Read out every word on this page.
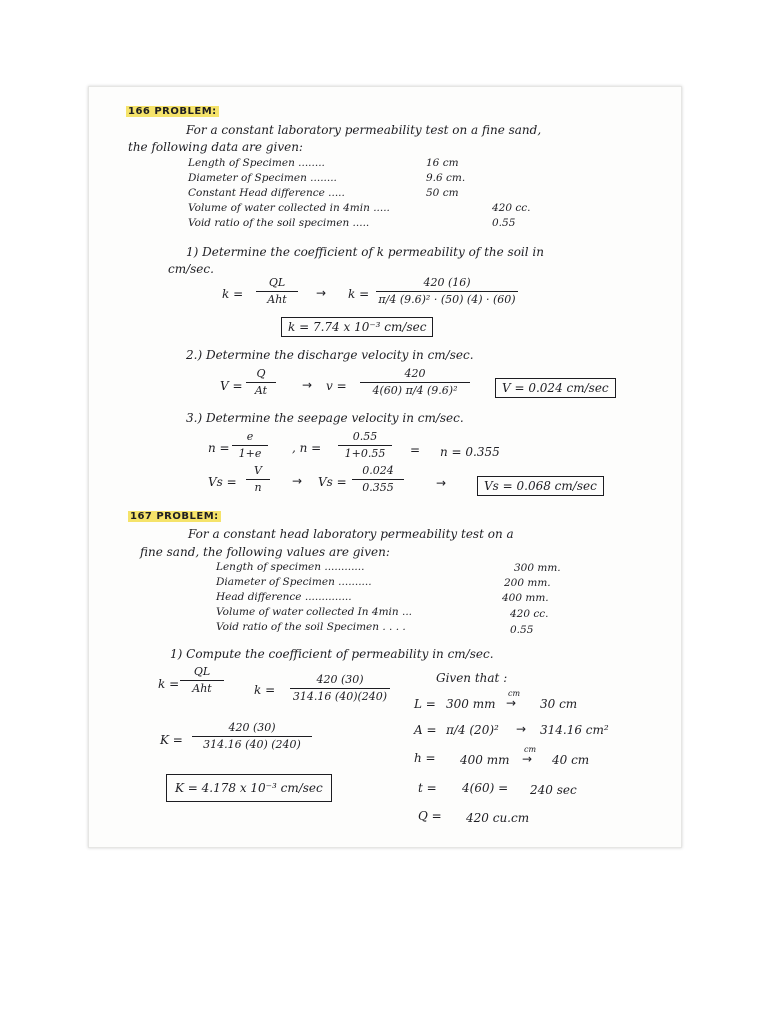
166 PROBLEM:
For a constant laboratory permeability test on a fine sand,
the following data are given:
Length of Specimen ........	16 cm
Diameter of Specimen ........	9.6 cm.
Constant Head difference .....	50 cm
Volume of water collected in 4min .....	420 cc.
Void ratio of the soil specimen .....	0.55
1) Determine the coefficient of k permeability of the soil in
cm/sec.
k =
QL
Aht → k =
420 (16)
π/4 (9.6)² · (50) (4) · (60)
k = 7.74 x 10⁻³ cm/sec
2.) Determine the discharge velocity in cm/sec.
V =
Q
At	→ v =
420
4(60) π/4 (9.6)²	V = 0.024 cm/sec
3.) Determine the seepage velocity in cm/sec.
n =
e
1+e	, n =
0.55
1+0.55 = n = 0.355
Vs =
V
n	→ Vs =
0.024
0.355	→	Vs = 0.068 cm/sec
167 PROBLEM:
For a constant head laboratory permeability test on a
fine sand, the following values are given:
Length of specimen ............	300 mm.
Diameter of Specimen ..........	200 mm.
Head difference ..............	400 mm.
Volume of water collected In 4min ...	420 cc.
Void ratio of the soil Specimen . . . .	0.55
1) Compute the coefficient of permeability in cm/sec.
k =
QL
Aht	k =
420 (30)
314.16 (40)(240)
K =
420 (30)
314.16 (40) (240)
K = 4.178 x 10⁻³ cm/sec
Given that :
L = 300 mm
cm
→ 30 cm
A = π/4 (20)² → 314.16 cm²
h = 400 mm
cm
→ 40 cm
t = 4(60) = 240 sec
Q = 420 cu.cm
